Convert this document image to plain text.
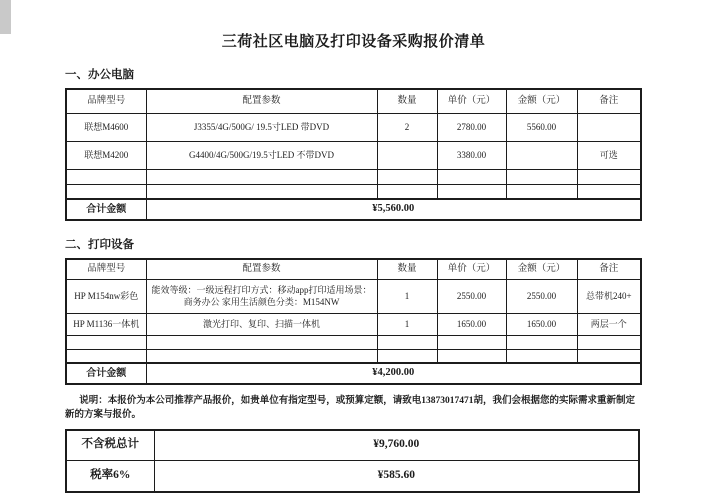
三荷社区电脑及打印设备采购报价清单
一、办公电脑
品牌型号	配置参数	数量	单价（元）	金额（元）	备注
联想M4600	J3355/4G/500G/ 19.5寸LED 带DVD	2	2780.00	5560.00	
联想M4200	G4400/4G/500G/19.5寸LED 不带DVD		3380.00		可选

合计金额	¥5,560.00				
二、打印设备
品牌型号	配置参数	数量	单价（元）	金额（元）	备注
HP M154nw彩色	能效等级：一级远程打印方式：移动app打印适用场景：商务办公 家用生活颜色分类：M154NW	1	2550.00	2550.00	总带机240+
HP M1136一体机	激光打印、复印、扫描一体机	1	1650.00	1650.00	两层一个

合计金额	¥4,200.00				

说明：本报价为本公司推荐产品报价，如贵单位有指定型号，或预算定额，请致电13873017471胡，我们会根据您的实际需求重新制定新的方案与报价。

不含税总计	¥9,760.00
税率6%	¥585.60
